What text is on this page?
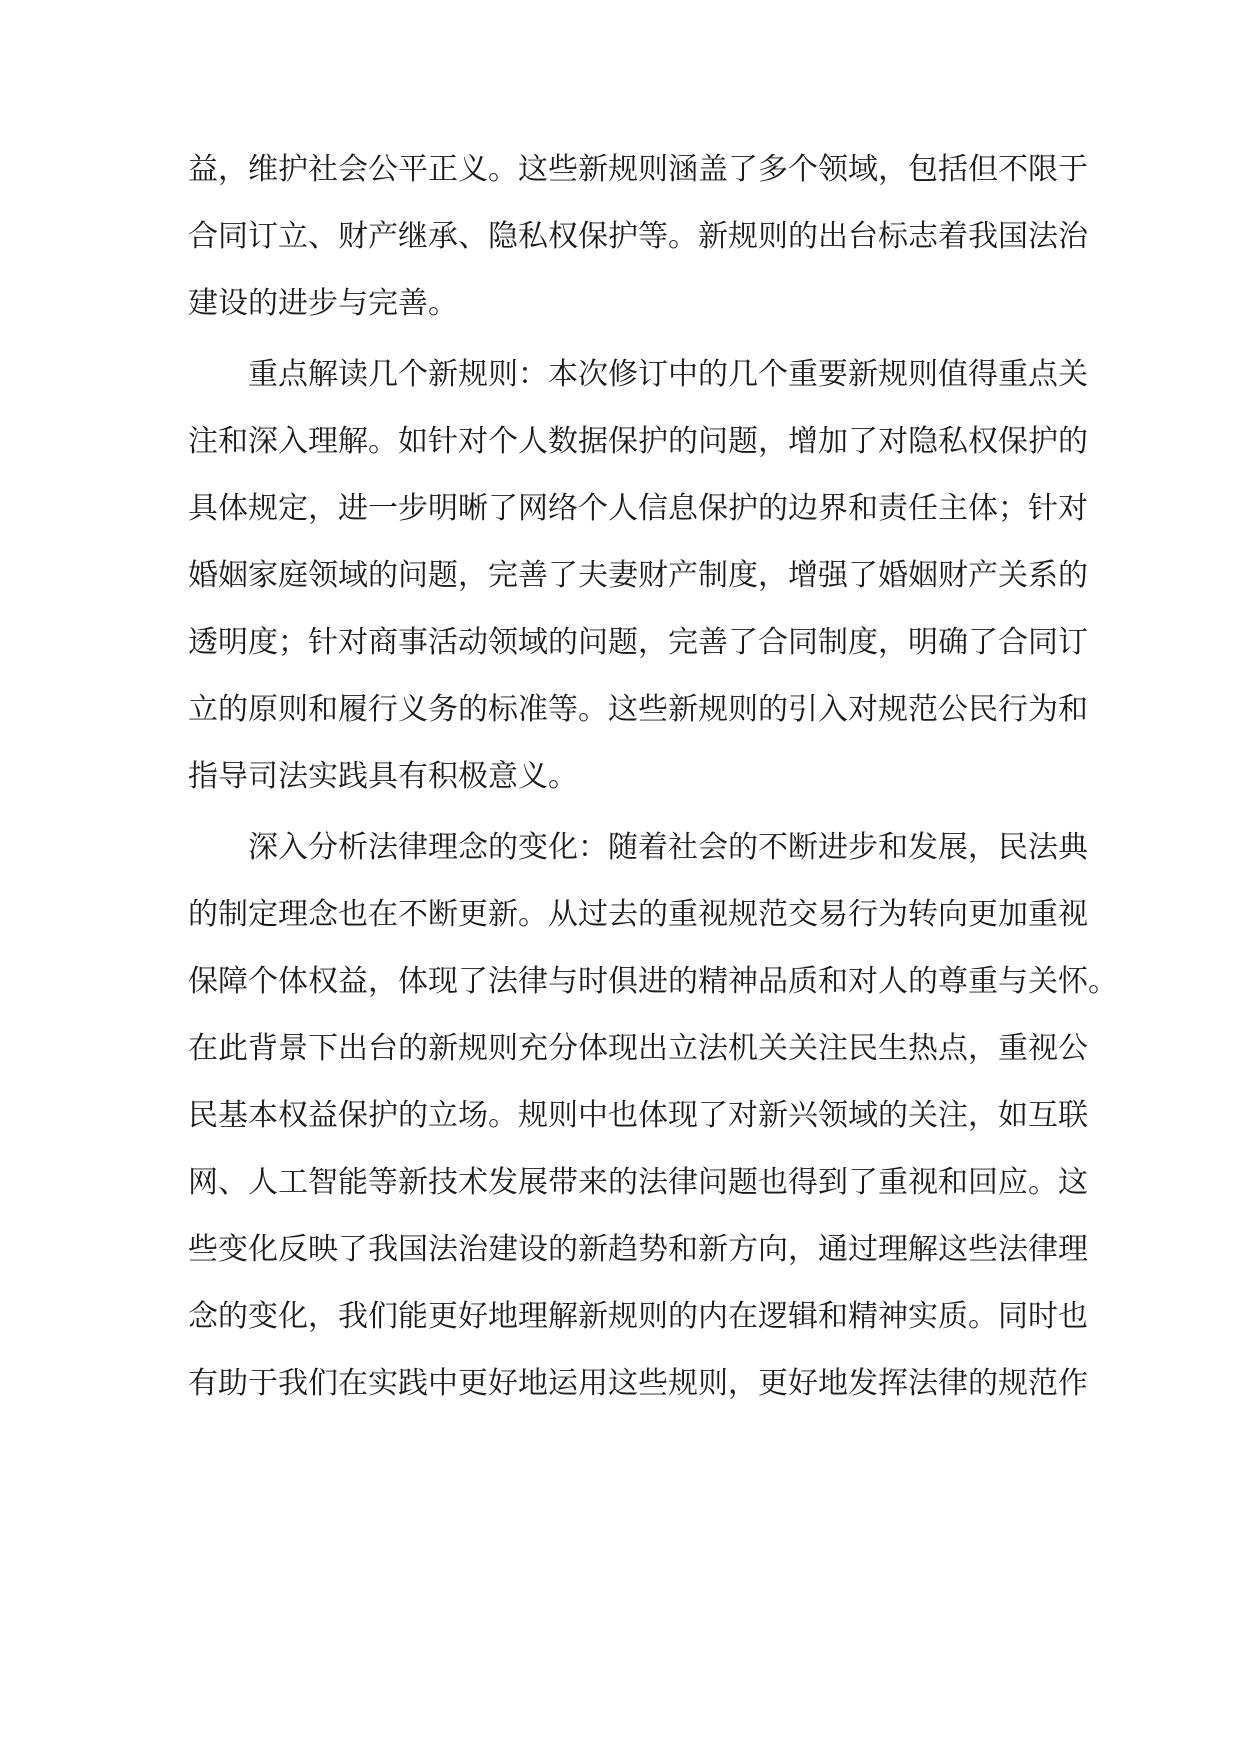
益，维护社会公平正义。这些新规则涵盖了多个领域，包括但不限于
合同订立、财产继承、隐私权保护等。新规则的出台标志着我国法治
建设的进步与完善。
重点解读几个新规则：本次修订中的几个重要新规则值得重点关
注和深入理解。如针对个人数据保护的问题，增加了对隐私权保护的
具体规定，进一步明晰了网络个人信息保护的边界和责任主体；针对
婚姻家庭领域的问题，完善了夫妻财产制度，增强了婚姻财产关系的
透明度；针对商事活动领域的问题，完善了合同制度，明确了合同订
立的原则和履行义务的标准等。这些新规则的引入对规范公民行为和
指导司法实践具有积极意义。
深入分析法律理念的变化：随着社会的不断进步和发展，民法典
的制定理念也在不断更新。从过去的重视规范交易行为转向更加重视
保障个体权益，体现了法律与时俱进的精神品质和对人的尊重与关怀。
在此背景下出台的新规则充分体现出立法机关关注民生热点，重视公
民基本权益保护的立场。规则中也体现了对新兴领域的关注，如互联
网、人工智能等新技术发展带来的法律问题也得到了重视和回应。这
些变化反映了我国法治建设的新趋势和新方向，通过理解这些法律理
念的变化，我们能更好地理解新规则的内在逻辑和精神实质。同时也
有助于我们在实践中更好地运用这些规则，更好地发挥法律的规范作
